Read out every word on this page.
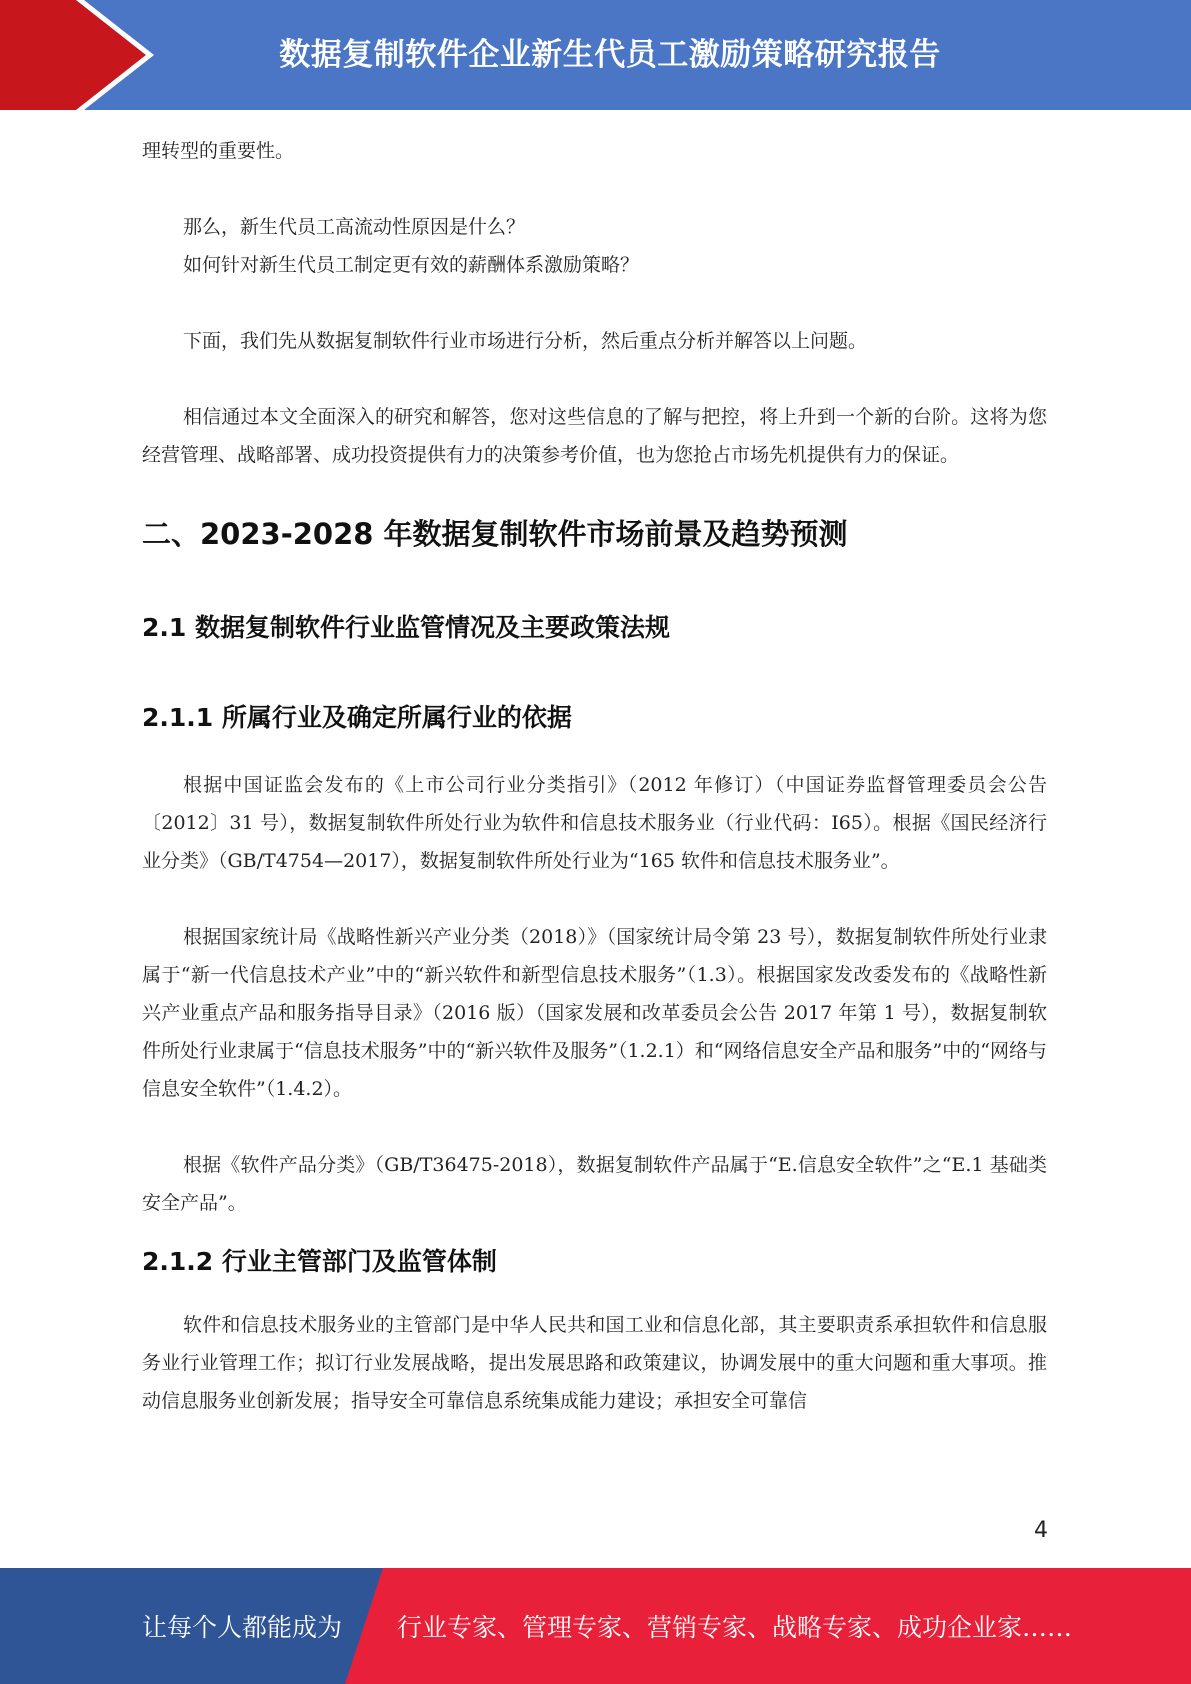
数据复制软件企业新生代员工激励策略研究报告

理转型的重要性。

那么，新生代员工高流动性原因是什么？

如何针对新生代员工制定更有效的薪酬体系激励策略？

下面，我们先从数据复制软件行业市场进行分析，然后重点分析并解答以上问题。

相信通过本文全面深入的研究和解答，您对这些信息的了解与把控，将上升到一个新的台阶。这将为您经营管理、战略部署、成功投资提供有力的决策参考价值，也为您抢占市场先机提供有力的保证。

二、2023-2028 年数据复制软件市场前景及趋势预测
2.1 数据复制软件行业监管情况及主要政策法规
2.1.1 所属行业及确定所属行业的依据

根据中国证监会发布的《上市公司行业分类指引》（2012 年修订）（中国证券监督管理委员会公告〔2012〕31 号），数据复制软件所处行业为软件和信息技术服务业（行业代码：I65）。根据《国民经济行业分类》（GB/T4754—2017），数据复制软件所处行业为“165 软件和信息技术服务业”。

根据国家统计局《战略性新兴产业分类（2018）》（国家统计局令第 23 号），数据复制软件所处行业隶属于“新一代信息技术产业”中的“新兴软件和新型信息技术服务”（1.3）。根据国家发改委发布的《战略性新兴产业重点产品和服务指导目录》（2016 版）（国家发展和改革委员会公告 2017 年第 1 号），数据复制软件所处行业隶属于“信息技术服务”中的“新兴软件及服务”（1.2.1）和“网络信息安全产品和服务”中的“网络与信息安全软件”（1.4.2）。

根据《软件产品分类》（GB/T36475-2018），数据复制软件产品属于“E.信息安全软件”之“E.1 基础类安全产品”。

2.1.2 行业主管部门及监管体制

软件和信息技术服务业的主管部门是中华人民共和国工业和信息化部，其主要职责系承担软件和信息服务业行业管理工作；拟订行业发展战略，提出发展思路和政策建议，协调发展中的重大问题和重大事项。推动信息服务业创新发展；指导安全可靠信息系统集成能力建设；承担安全可靠信

4
让每个人都能成为	行业专家、管理专家、营销专家、战略专家、成功企业家……
